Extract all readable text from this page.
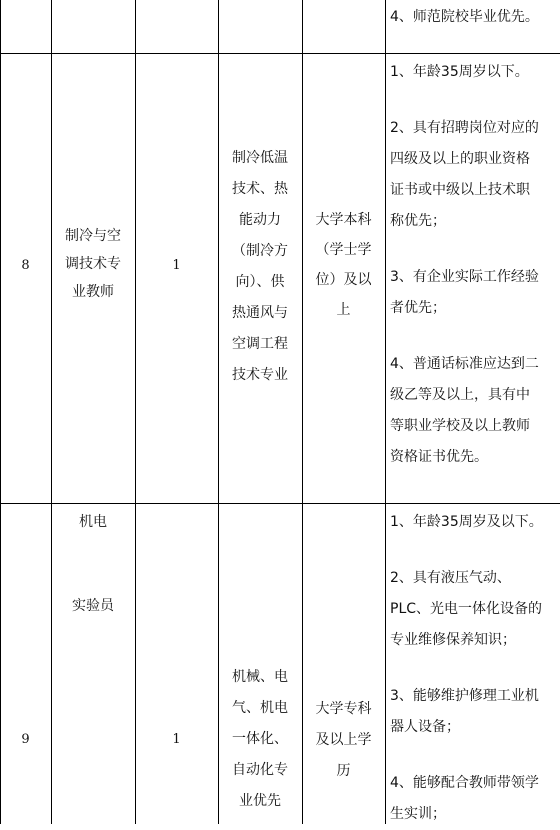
4、师范院校毕业优先。
8
制冷与空
调技术专
业教师
1
制冷低温
技术、热
能动力
（制冷方
向）、供
热通风与
空调工程
技术专业
大学本科
（学士学
位）及以
上

1、年龄35周岁以下。

2、具有招聘岗位对应的

四级及以上的职业资格

证书或中级以上技术职

称优先；

3、有企业实际工作经验

者优先；

4、普通话标准应达到二

级乙等及以上，具有中

等职业学校及以上教师

资格证书优先。

9
机电
实验员
1
机械、电
气、机电
一体化、
自动化专
业优先
大学专科
及以上学
历

1、年龄35周岁及以下。

2、具有液压气动、

PLC、光电一体化设备的

专业维修保养知识；

3、能够维护修理工业机

器人设备；

4、能够配合教师带领学

生实训；
